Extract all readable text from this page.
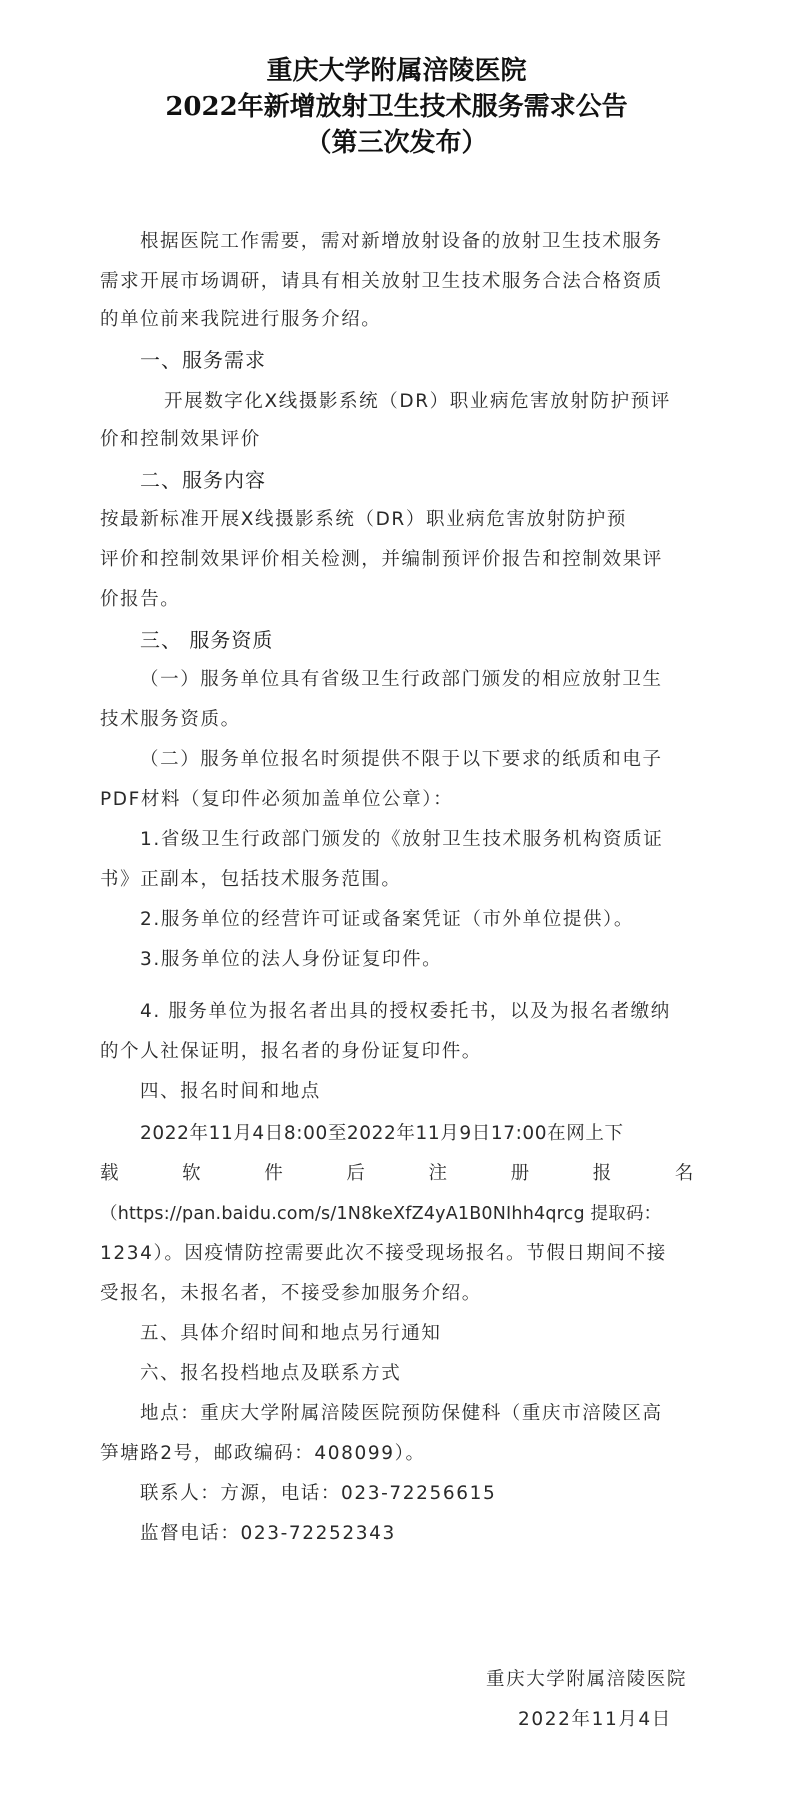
重庆大学附属涪陵医院
2022年新增放射卫生技术服务需求公告
（第三次发布）
根据医院工作需要，需对新增放射设备的放射卫生技术服务
需求开展市场调研，请具有相关放射卫生技术服务合法合格资质
的单位前来我院进行服务介绍。
一、服务需求
开展数字化X线摄影系统（DR）职业病危害放射防护预评
价和控制效果评价
二、服务内容
按最新标准开展X线摄影系统（DR）职业病危害放射防护预
评价和控制效果评价相关检测，并编制预评价报告和控制效果评
价报告。
三、 服务资质
（一）服务单位具有省级卫生行政部门颁发的相应放射卫生
技术服务资质。
（二）服务单位报名时须提供不限于以下要求的纸质和电子
PDF材料（复印件必须加盖单位公章）：
1.省级卫生行政部门颁发的《放射卫生技术服务机构资质证
书》正副本，包括技术服务范围。
2.服务单位的经营许可证或备案凭证（市外单位提供）。
3.服务单位的法人身份证复印件。
4. 服务单位为报名者出具的授权委托书，以及为报名者缴纳
的个人社保证明，报名者的身份证复印件。
四、报名时间和地点
2022年11月4日8:00至2022年11月9日17:00在网上下
载	软	件	后	注	册	报	名
（https://pan.baidu.com/s/1N8keXfZ4yA1B0NIhh4qrcg 提取码：
1234）。因疫情防控需要此次不接受现场报名。节假日期间不接
受报名，未报名者，不接受参加服务介绍。
五、具体介绍时间和地点另行通知
六、报名投档地点及联系方式
地点：重庆大学附属涪陵医院预防保健科（重庆市涪陵区高
笋塘路2号，邮政编码：408099）。
联系人：方源，电话：023-72256615
监督电话：023-72252343
重庆大学附属涪陵医院
2022年11月4日
